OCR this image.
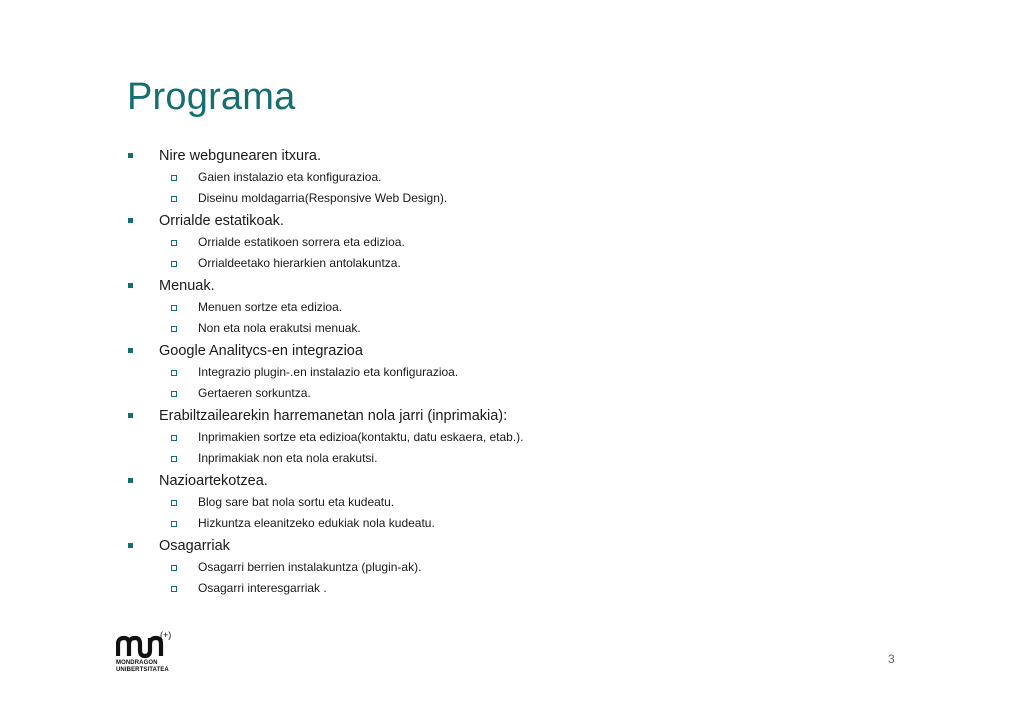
Programa
Nire webgunearen itxura.
Gaien instalazio eta konfigurazioa.
Diseinu moldagarria(Responsive Web Design).
Orrialde estatikoak.
Orrialde estatikoen sorrera eta edizioa.
Orrialdeetako hierarkien antolakuntza.
Menuak.
Menuen sortze eta edizioa.
Non eta nola erakutsi menuak.
Google Analitycs-en integrazioa
Integrazio plugin-.en instalazio eta konfigurazioa.
Gertaeren sorkuntza.
Erabiltzailearekin harremanetan nola jarri (inprimakia):
Inprimakien sortze eta edizioa(kontaktu, datu eskaera, etab.).
Inprimakiak non eta nola erakutsi.
Nazioartekotzea.
Blog sare bat nola sortu eta kudeatu.
Hizkuntza eleanitzeko edukiak nola kudeatu.
Osagarriak
Osagarri berrien instalakuntza (plugin-ak).
Osagarri interesgarriak .
(+)
MONDRAGON
UNIBERTSITATEA
3
